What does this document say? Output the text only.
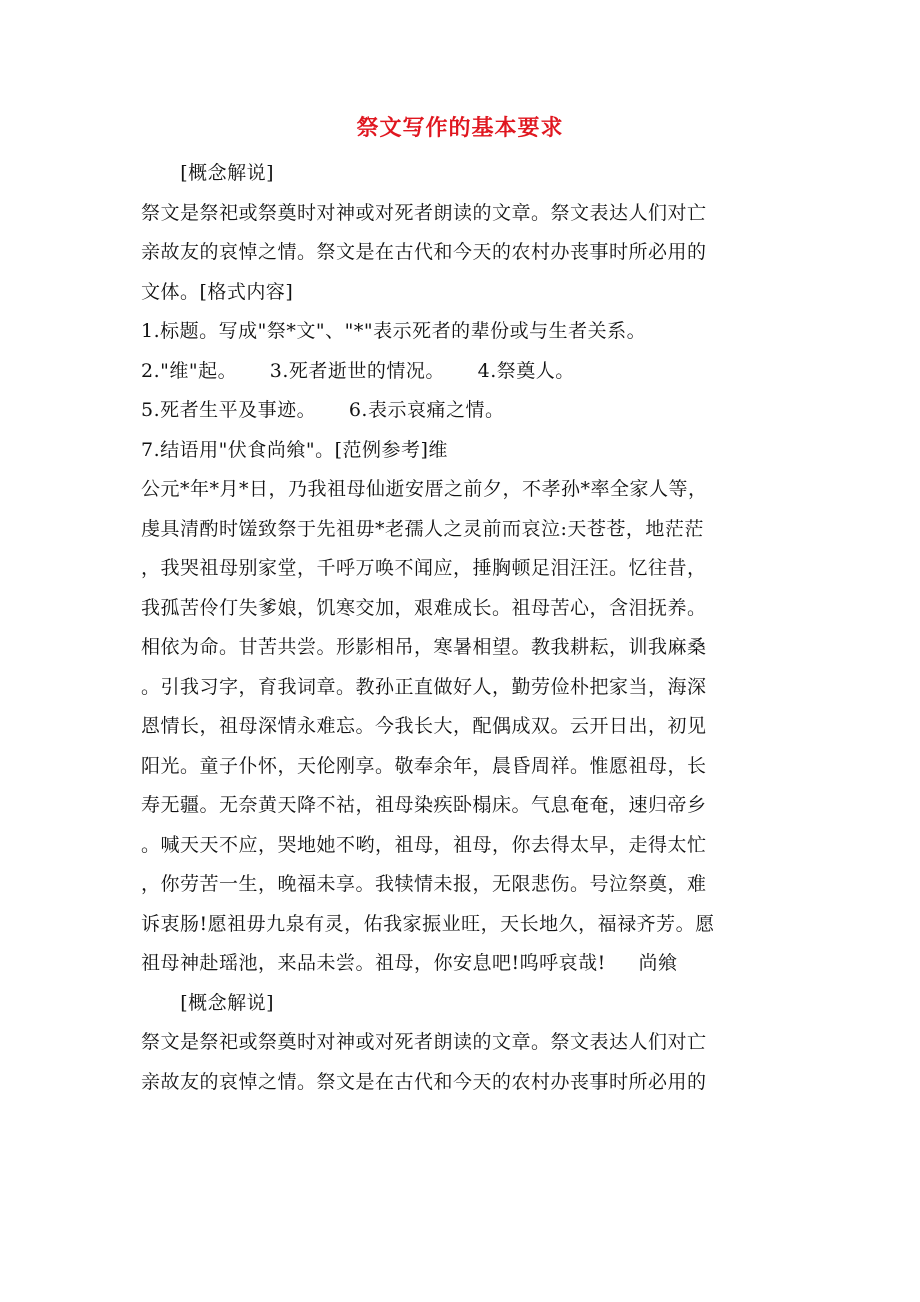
祭文写作的基本要求
[概念解说]
祭文是祭祀或祭奠时对神或对死者朗读的文章。祭文表达人们对亡
亲故友的哀悼之情。祭文是在古代和今天的农村办丧事时所必用的
文体。[格式内容]
1.标题。写成"祭*文"、"*"表示死者的辈份或与生者关系。
2."维"起。     3.死者逝世的情况。     4.祭奠人。
5.死者生平及事迹。     6.表示哀痛之情。
7.结语用"伏食尚飨"。[范例参考]维
公元*年*月*日，乃我祖母仙逝安厝之前夕，不孝孙*率全家人等，
虔具清酌时馐致祭于先祖毋*老孺人之灵前而哀泣:天苍苍，地茫茫
，我哭祖母别家堂，千呼万唤不闻应，捶胸顿足泪汪汪。忆往昔，
我孤苦伶仃失爹娘，饥寒交加，艰难成长。祖母苦心，含泪抚养。
相依为命。甘苦共尝。形影相吊，寒暑相望。教我耕耘，训我麻桑
。引我习字，育我词章。教孙正直做好人，勤劳俭朴把家当，海深
恩情长，祖母深情永难忘。今我长大，配偶成双。云开日出，初见
阳光。童子仆怀，天伦刚享。敬奉余年，晨昏周祥。惟愿祖母，长
寿无疆。无奈黄天降不祜，祖母染疾卧榻床。气息奄奄，速归帝乡
。喊天天不应，哭地她不哟，祖母，祖母，你去得太早，走得太忙
，你劳苦一生，晚福未享。我犊情未报，无限悲伤。号泣祭奠，难
诉衷肠!愿祖毋九泉有灵，佑我家振业旺，天长地久，福禄齐芳。愿
祖母神赴瑶池，来品未尝。祖母，你安息吧!呜呼哀哉!     尚飨
[概念解说]
祭文是祭祀或祭奠时对神或对死者朗读的文章。祭文表达人们对亡
亲故友的哀悼之情。祭文是在古代和今天的农村办丧事时所必用的
